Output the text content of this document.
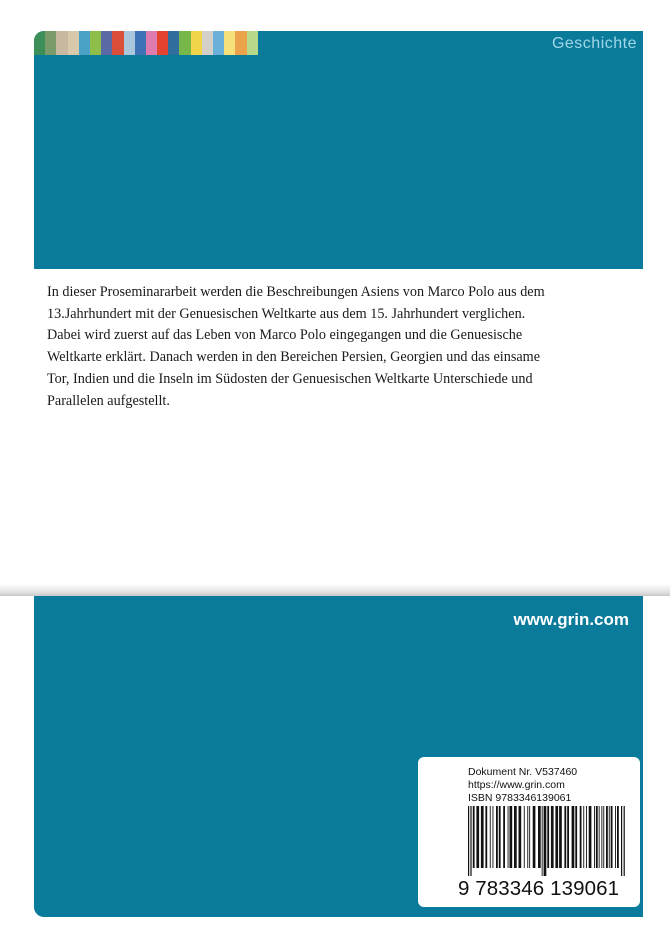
Geschichte

In dieser Proseminararbeit werden die Beschreibungen Asiens von Marco Polo aus dem
13.Jahrhundert mit der Genuesischen Weltkarte aus dem 15. Jahrhundert verglichen.
Dabei wird zuerst auf das Leben von Marco Polo eingegangen und die Genuesische
Weltkarte erklärt. Danach werden in den Bereichen Persien, Georgien und das einsame
Tor, Indien und die Inseln im Südosten der Genuesischen Weltkarte Unterschiede und
Parallelen aufgestellt.

www.grin.com
Dokument Nr. V537460
https://www.grin.com
ISBN 9783346139061
9 783346 139061
